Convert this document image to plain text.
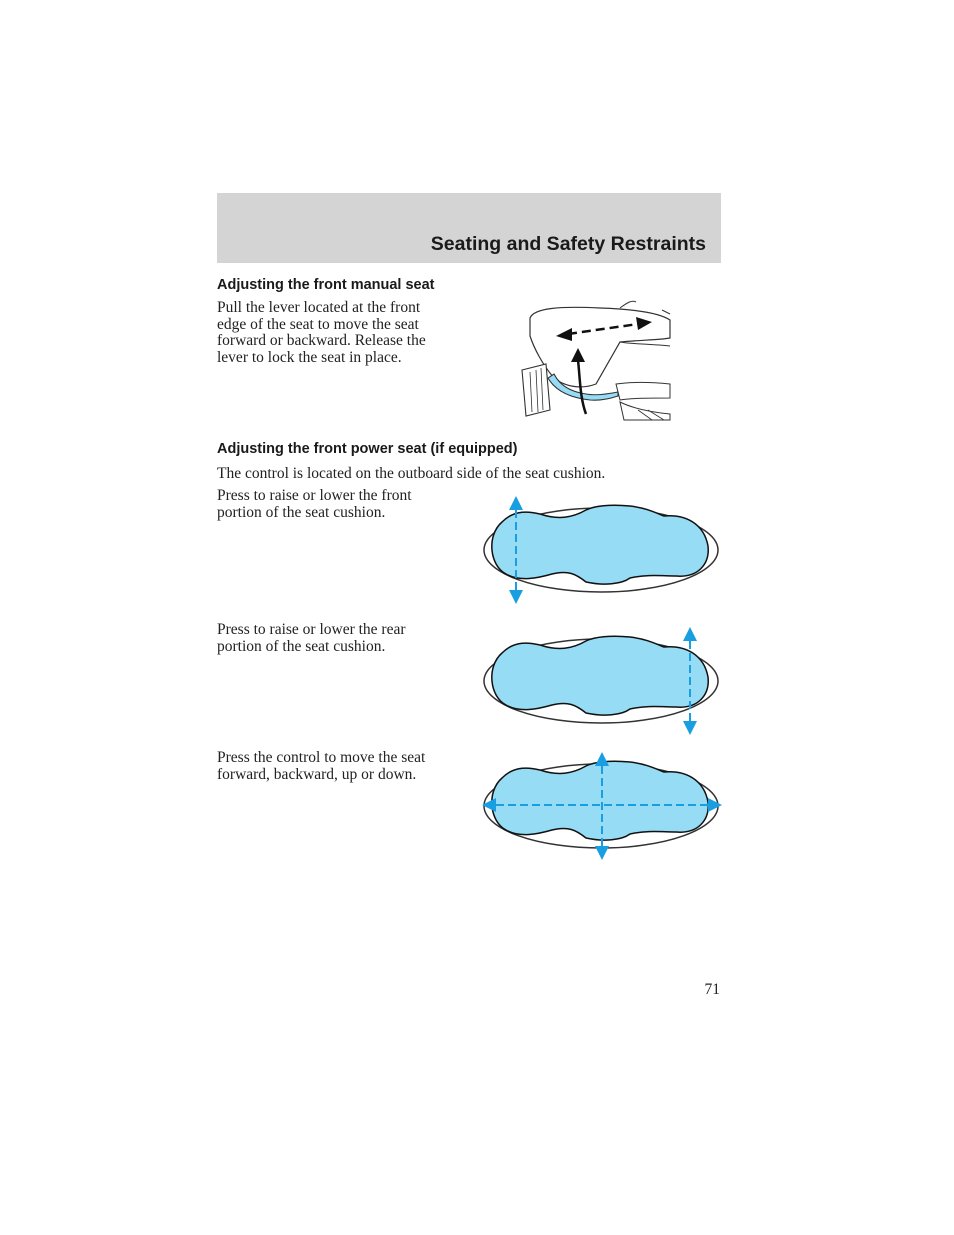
Seating and Safety Restraints
Adjusting the front manual seat
Pull the lever located at the front
edge of the seat to move the seat
forward or backward. Release the
lever to lock the seat in place.
Adjusting the front power seat (if equipped)
The control is located on the outboard side of the seat cushion.
Press to raise or lower the front
portion of the seat cushion.
Press to raise or lower the rear
portion of the seat cushion.
Press the control to move the seat
forward, backward, up or down.
71
